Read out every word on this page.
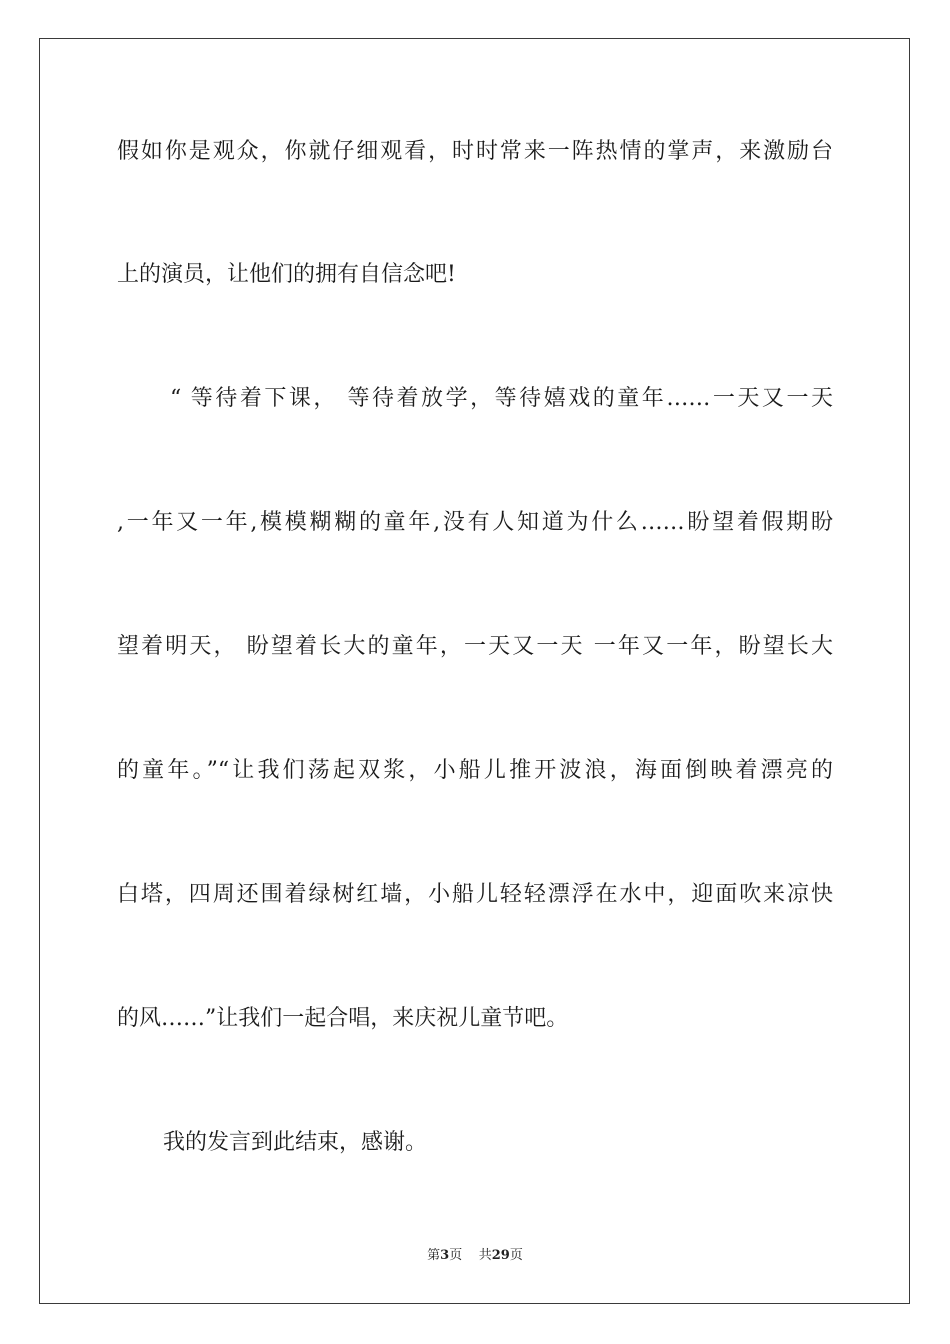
假如你是观众，你就仔细观看，时时常来一阵热情的掌声，来激励台
上的演员，让他们的拥有自信念吧!
“ 等待着下课， 等待着放学，等待嬉戏的童年……一天又一天
,一年又一年,模模糊糊的童年,没有人知道为什么……盼望着假期盼
望着明天， 盼望着长大的童年，一天又一天 一年又一年，盼望长大
的童年。”“让我们荡起双浆，小船儿推开波浪，海面倒映着漂亮的
白塔，四周还围着绿树红墙，小船儿轻轻漂浮在水中，迎面吹来凉快
的风……”让我们一起合唱，来庆祝儿童节吧。
我的发言到此结束，感谢。
第3页 共29页
